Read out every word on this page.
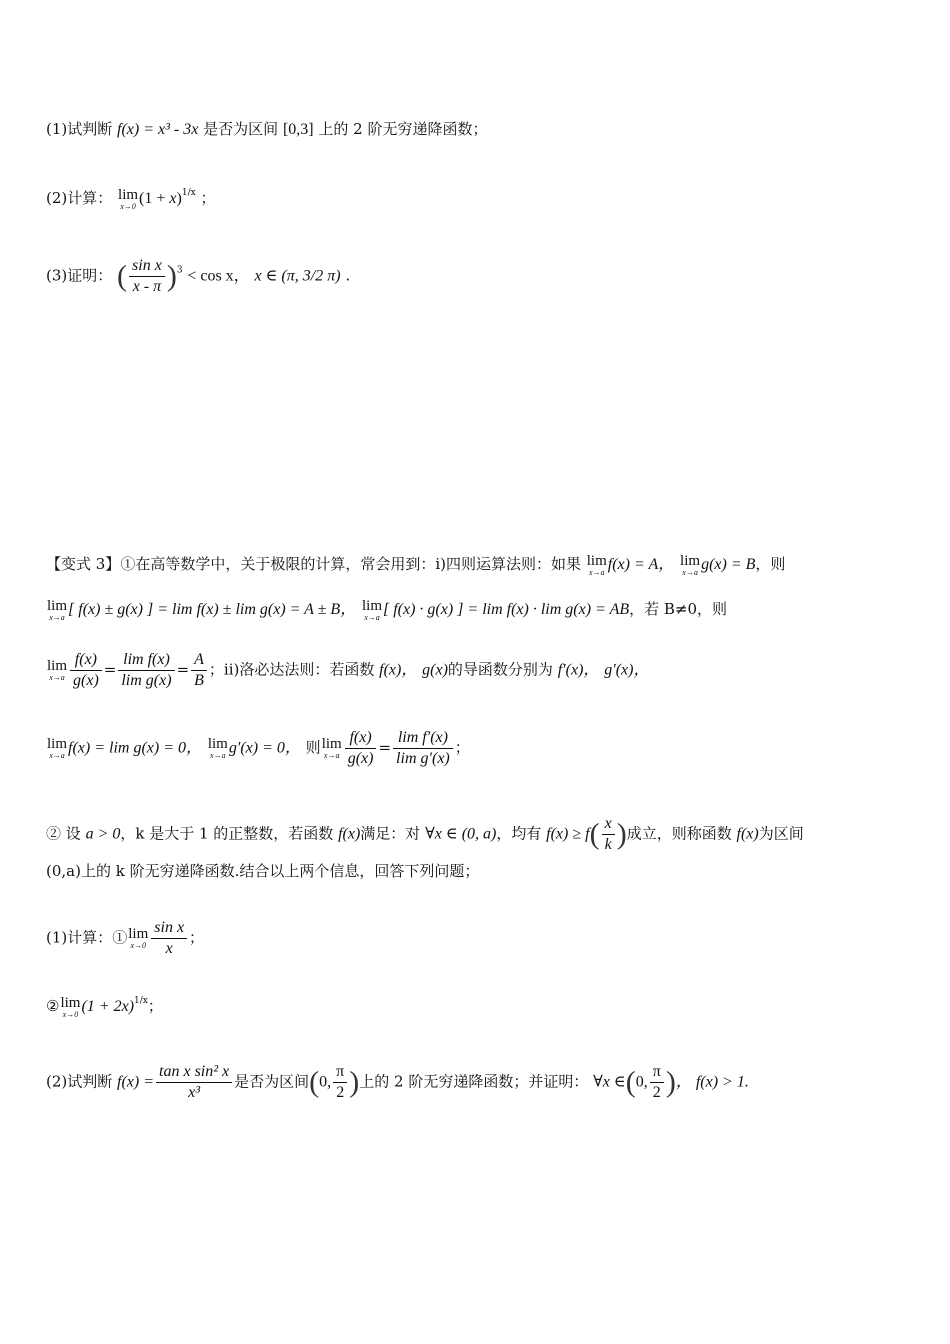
(1)试判断 f(x) = x³ - 3x 是否为区间 [0,3] 上的 2 阶无穷递降函数；
(2)计算： lim
x→0 $(1 + x)^{1/x}$ ；
(3)证明： ( $\frac{\text{sin x}}{x - \pi} )^3 < \cos x$， x ∈ (π, 3/2 π) .
【变式 3】①在高等数学中，关于极限的计算，常会用到：i)四则运算法则：如果 lim
x→a f(x) = A， lim
x→a g(x) = B，则
lim
x→a [ f(x) ± g(x) ] = lim f(x) ± lim g(x) = A ± B， lim
x→a [ f(x) · g(x) ] = lim f(x) · lim g(x) = AB，若 B≠0，则
lim
$x\to a \frac{f(x)}{g(x)} = \frac{\text{lim f(x)}}{\text{lim g(x)}} = \frac{A}{B}$ ；ii)洛必达法则：若函数 f(x)， g(x)的导函数分别为 f′(x)， g′(x)，
lim
x→a f(x) = lim g(x) = 0， lim
x→a g′(x) = 0， 则 lim
$x\to a \frac{f(x)}{g(x)} = \frac{\text{lim f′(x)}}{\text{lim g′(x)}}$ ；
② 设 a > 0，k 是大于 1 的正整数，若函数 f(x)满足：对 ∀x ∈ (0, a)，均有 $f(x) \ge f( \frac{x}{k}$ )成立，则称函数 f(x)为区间
(0,a)上的 k 阶无穷递降函数.结合以上两个信息，回答下列问题；
(1)计算：① lim
$x\to 0 \frac{\text{sin x}}{x}$ ；
② lim
x→0 $(1 + 2x)^{1/x}$；
(2)试判断 $f(x) = \frac{\text{tan x sin² x}}{\text{x³}}$ 是否为区间(0, $\frac{\pi}{2}$ )上的 2 阶无穷递降函数；并证明： ∀x ∈(0, $\frac{\pi}{2}$ )， f(x) > 1.
